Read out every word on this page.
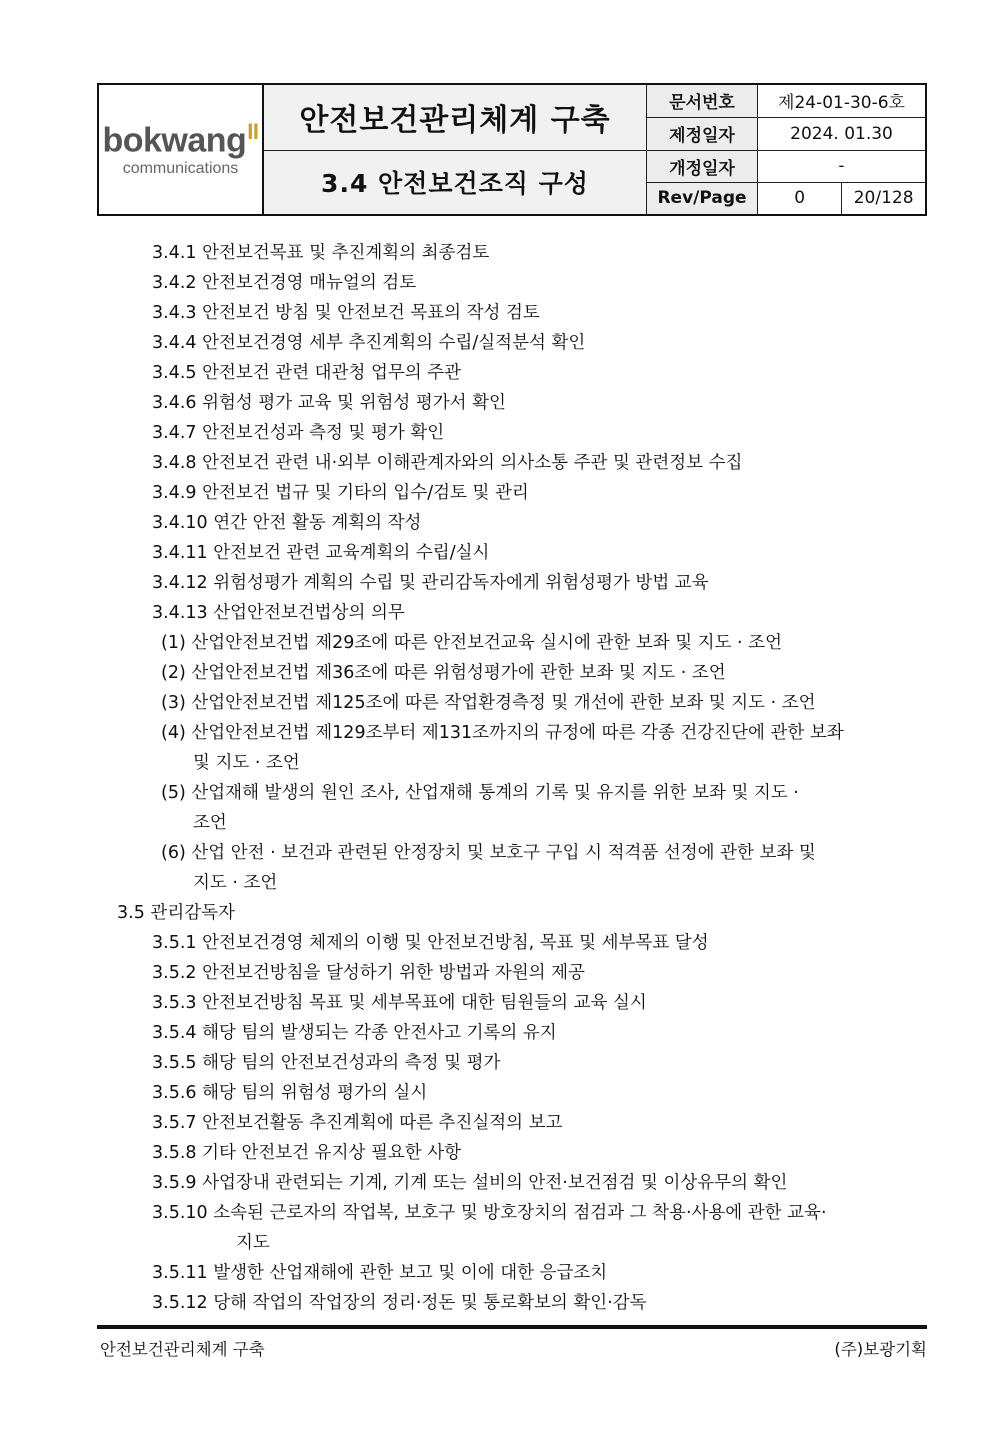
bokwang$^{II}$
communications	안전보건관리체계 구축	문서번호	제24-01-30-6호	
		제정일자	2024. 01.30	
	3.4 안전보건조직 구성	개정일자	-	
		Rev/Page	0	20/128
3.4.1 안전보건목표 및 추진계획의 최종검토
3.4.2 안전보건경영 매뉴얼의 검토
3.4.3 안전보건 방침 및 안전보건 목표의 작성 검토
3.4.4 안전보건경영 세부 추진계획의 수립/실적분석 확인
3.4.5 안전보건 관련 대관청 업무의 주관
3.4.6 위험성 평가 교육 및 위험성 평가서 확인
3.4.7 안전보건성과 측정 및 평가 확인
3.4.8 안전보건 관련 내·외부 이해관계자와의 의사소통 주관 및 관련정보 수집
3.4.9 안전보건 법규 및 기타의 입수/검토 및 관리
3.4.10 연간 안전 활동 계획의 작성
3.4.11 안전보건 관련 교육계획의 수립/실시
3.4.12 위험성평가 계획의 수립 및 관리감독자에게 위험성평가 방법 교육
3.4.13 산업안전보건법상의 의무
(1) 산업안전보건법 제29조에 따른 안전보건교육 실시에 관한 보좌 및 지도 · 조언
(2) 산업안전보건법 제36조에 따른 위험성평가에 관한 보좌 및 지도 · 조언
(3) 산업안전보건법 제125조에 따른 작업환경측정 및 개선에 관한 보좌 및 지도 · 조언
(4) 산업안전보건법 제129조부터 제131조까지의 규정에 따른 각종 건강진단에 관한 보좌
및 지도 · 조언
(5) 산업재해 발생의 원인 조사, 산업재해 통계의 기록 및 유지를 위한 보좌 및 지도 ·
조언
(6) 산업 안전 · 보건과 관련된 안정장치 및 보호구 구입 시 적격품 선정에 관한 보좌 및
지도 · 조언
3.5 관리감독자
3.5.1 안전보건경영 체제의 이행 및 안전보건방침, 목표 및 세부목표 달성
3.5.2 안전보건방침을 달성하기 위한 방법과 자원의 제공
3.5.3 안전보건방침 목표 및 세부목표에 대한 팀원들의 교육 실시
3.5.4 해당 팀의 발생되는 각종 안전사고 기록의 유지
3.5.5 해당 팀의 안전보건성과의 측정 및 평가
3.5.6 해당 팀의 위험성 평가의 실시
3.5.7 안전보건활동 추진계획에 따른 추진실적의 보고
3.5.8 기타 안전보건 유지상 필요한 사항
3.5.9 사업장내 관련되는 기계, 기계 또는 설비의 안전·보건점검 및 이상유무의 확인
3.5.10 소속된 근로자의 작업복, 보호구 및 방호장치의 점검과 그 착용·사용에 관한 교육·
지도
3.5.11 발생한 산업재해에 관한 보고 및 이에 대한 응급조치
3.5.12 당해 작업의 작업장의 정리·정돈 및 통로확보의 확인·감독
안전보건관리체계 구축	(주)보광기획
